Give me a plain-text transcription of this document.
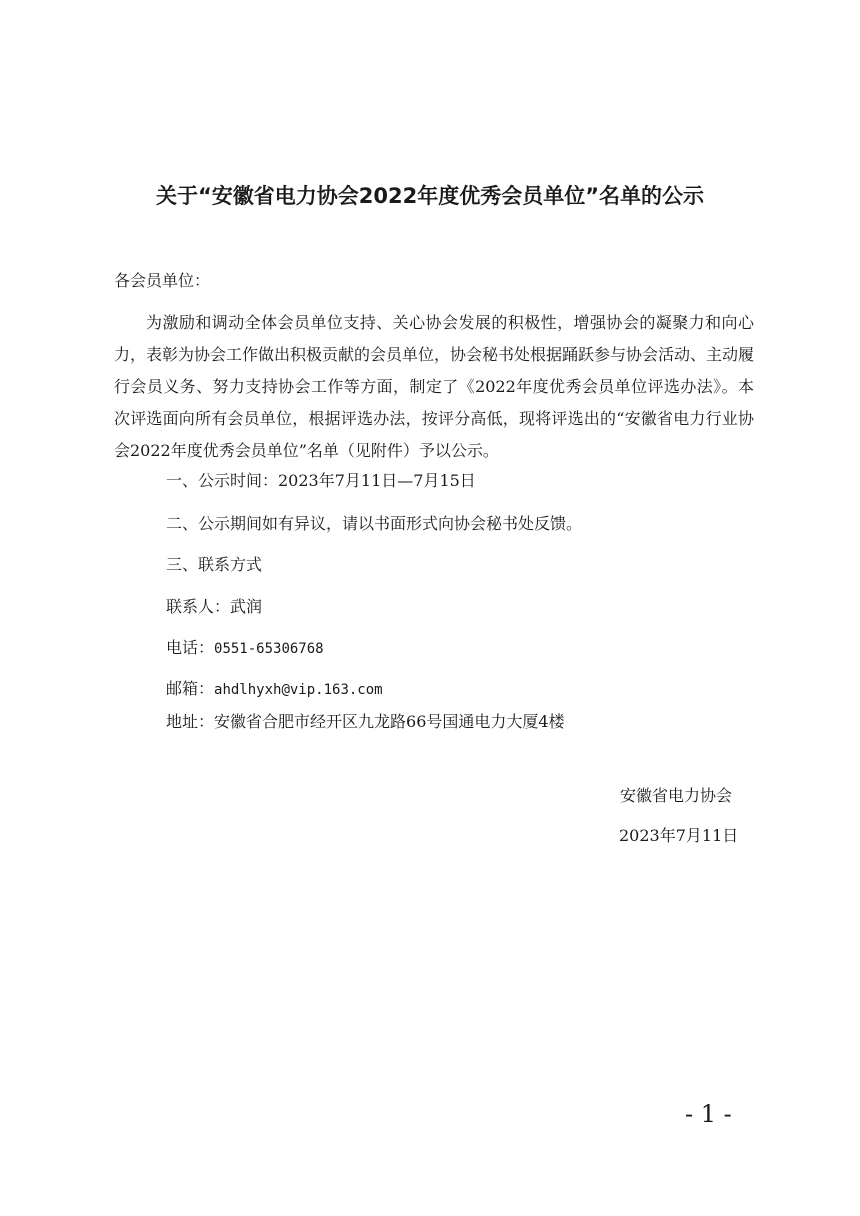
关于“安徽省电力协会2022年度优秀会员单位”名单的公示
各会员单位：
为激励和调动全体会员单位支持、关心协会发展的积极性，增强协会的凝聚力和向心力，表彰为协会工作做出积极贡献的会员单位，协会秘书处根据踊跃参与协会活动、主动履行会员义务、努力支持协会工作等方面，制定了《2022年度优秀会员单位评选办法》。本次评选面向所有会员单位，根据评选办法，按评分高低，现将评选出的“安徽省电力行业协会2022年度优秀会员单位”名单（见附件）予以公示。
一、公示时间：2023年7月11日—7月15日
二、公示期间如有异议，请以书面形式向协会秘书处反馈。
三、联系方式
联系人：武润
电话：0551-65306768
邮箱：ahdlhyxh@vip.163.com
地址：安徽省合肥市经开区九龙路66号国通电力大厦4楼
安徽省电力协会
2023年7月11日
- 1 -
